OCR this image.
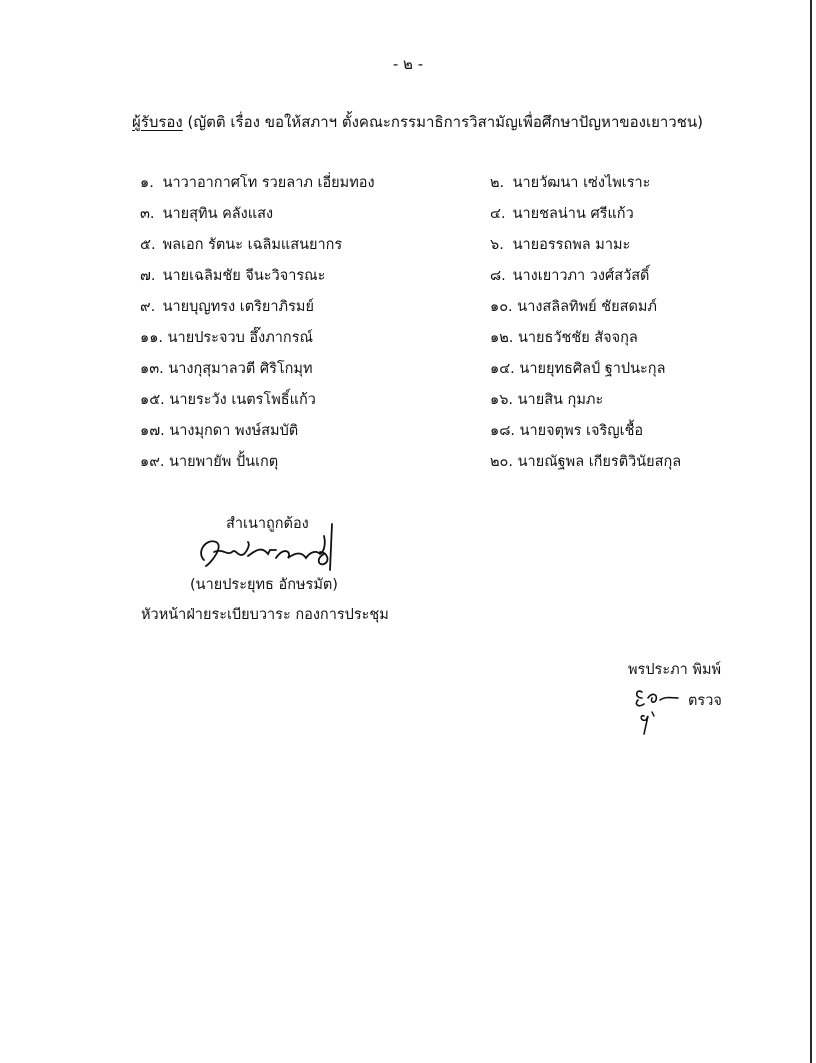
- ๒ -
ผู้รับรอง (ญัตติ เรื่อง ขอให้สภาฯ ตั้งคณะกรรมาธิการวิสามัญเพื่อศึกษาปัญหาของเยาวชน)
๑. นาวาอากาศโท รวยลาภ เอี่ยมทอง
๓. นายสุทิน คลังแสง
๕. พลเอก รัตนะ เฉลิมแสนยากร
๗. นายเฉลิมชัย จีนะวิจารณะ
๙. นายบุญทรง เตริยาภิรมย์
๑๑. นายประจวบ อึ๊งภากรณ์
๑๓. นางกุสุมาลวตี ศิริโกมุท
๑๕. นายระวัง เนตรโพธิ์แก้ว
๑๗. นางมุกดา พงษ์สมบัติ
๑๙. นายพายัพ ปั้นเกตุ
๒. นายวัฒนา เซ่งไพเราะ
๔. นายชลน่าน ศรีแก้ว
๖. นายอรรถพล มามะ
๘. นางเยาวภา วงศ์สวัสดิ์
๑๐. นางสลิลทิพย์ ชัยสดมภ์
๑๒. นายธวัชชัย สัจจกุล
๑๔. นายยุทธศิลป์ ฐาปนะกุล
๑๖. นายสิน กุมภะ
๑๘. นายจตุพร เจริญเชื้อ
๒๐. นายณัฐพล เกียรติวินัยสกุล
สำเนาถูกต้อง
(นายประยุทธ อักษรมัต)
หัวหน้าฝ่ายระเบียบวาระ กองการประชุม
พรประภา พิมพ์
ตรวจ
